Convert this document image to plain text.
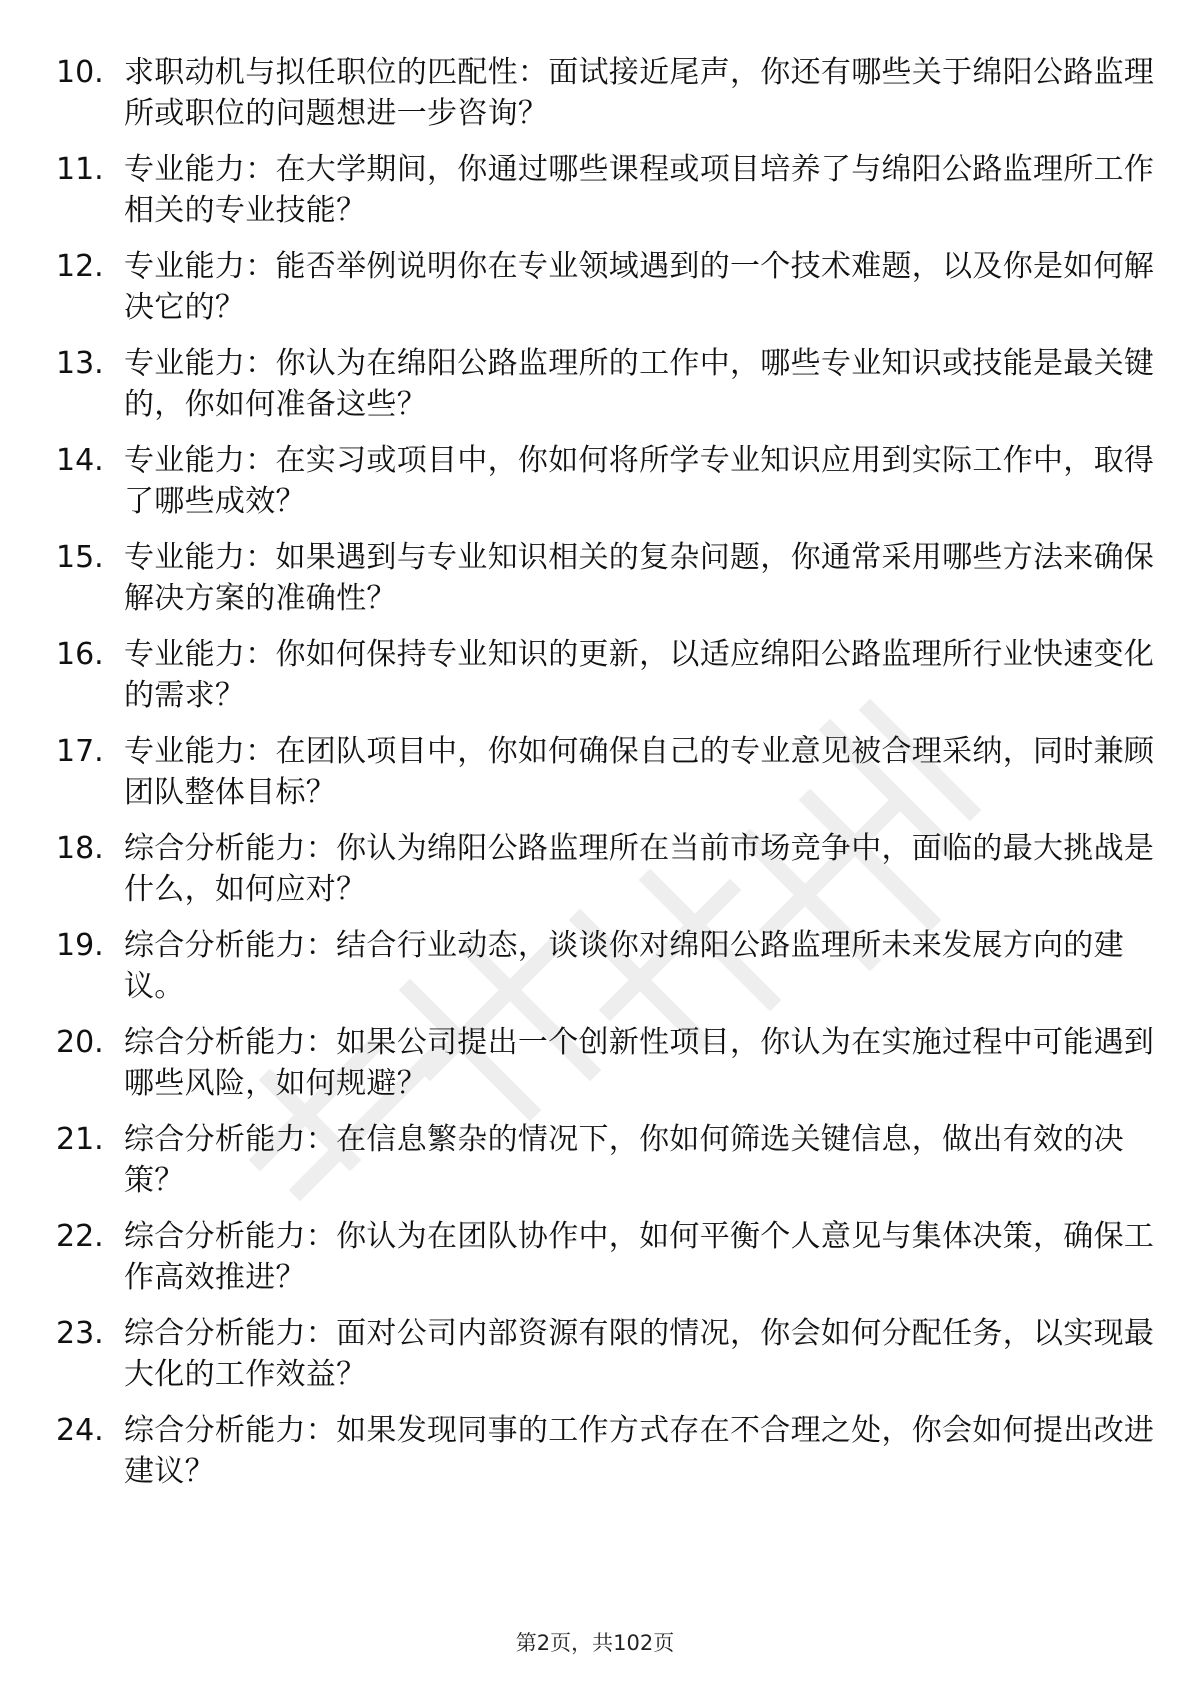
10. 求职动机与拟任职位的匹配性：面试接近尾声，你还有哪些关于绵阳公路监理所或职位的问题想进一步咨询？
11. 专业能力：在大学期间，你通过哪些课程或项目培养了与绵阳公路监理所工作相关的专业技能？
12. 专业能力：能否举例说明你在专业领域遇到的一个技术难题，以及你是如何解决它的？
13. 专业能力：你认为在绵阳公路监理所的工作中，哪些专业知识或技能是最关键的，你如何准备这些？
14. 专业能力：在实习或项目中，你如何将所学专业知识应用到实际工作中，取得了哪些成效？
15. 专业能力：如果遇到与专业知识相关的复杂问题，你通常采用哪些方法来确保解决方案的准确性？
16. 专业能力：你如何保持专业知识的更新，以适应绵阳公路监理所行业快速变化的需求？
17. 专业能力：在团队项目中，你如何确保自己的专业意见被合理采纳，同时兼顾团队整体目标？
18. 综合分析能力：你认为绵阳公路监理所在当前市场竞争中，面临的最大挑战是什么，如何应对？
19. 综合分析能力：结合行业动态，谈谈你对绵阳公路监理所未来发展方向的建议。
20. 综合分析能力：如果公司提出一个创新性项目，你认为在实施过程中可能遇到哪些风险，如何规避？
21. 综合分析能力：在信息繁杂的情况下，你如何筛选关键信息，做出有效的决策？
22. 综合分析能力：你认为在团队协作中，如何平衡个人意见与集体决策，确保工作高效推进？
23. 综合分析能力：面对公司内部资源有限的情况，你会如何分配任务，以实现最大化的工作效益？
24. 综合分析能力：如果发现同事的工作方式存在不合理之处，你会如何提出改进建议？
第2页，共102页
